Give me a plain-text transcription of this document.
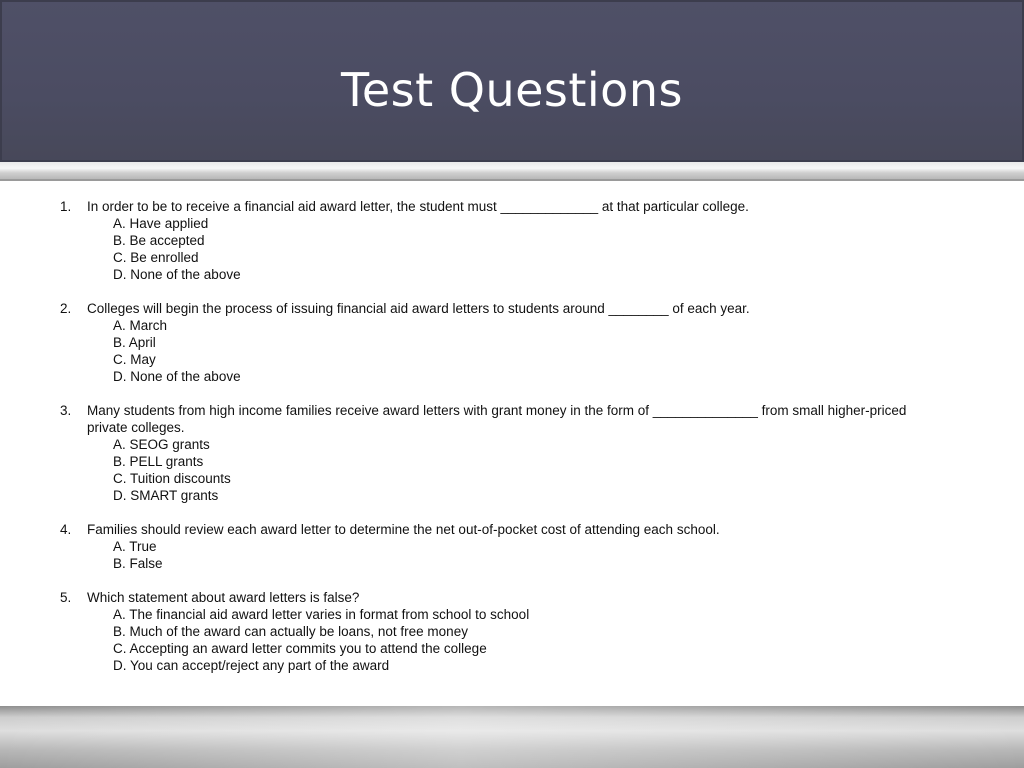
Test Questions
1. In order to be to receive a financial aid award letter, the student must _____________ at that particular college.
A. Have applied
B. Be accepted
C. Be enrolled
D. None of the above
2. Colleges will begin the process of issuing financial aid award letters to students around ________ of each year.
A. March
B. April
C. May
D. None of the above
3. Many students from high income families receive award letters with grant money in the form of ______________ from small higher-priced private colleges.
A. SEOG grants
B. PELL grants
C. Tuition discounts
D. SMART grants
4. Families should review each award letter to determine the net out-of-pocket cost of attending each school.
A. True
B. False
5. Which statement about award letters is false?
A. The financial aid award letter varies in format from school to school
B. Much of the award can actually be loans, not free money
C. Accepting an award letter commits you to attend the college
D. You can accept/reject any part of the award
